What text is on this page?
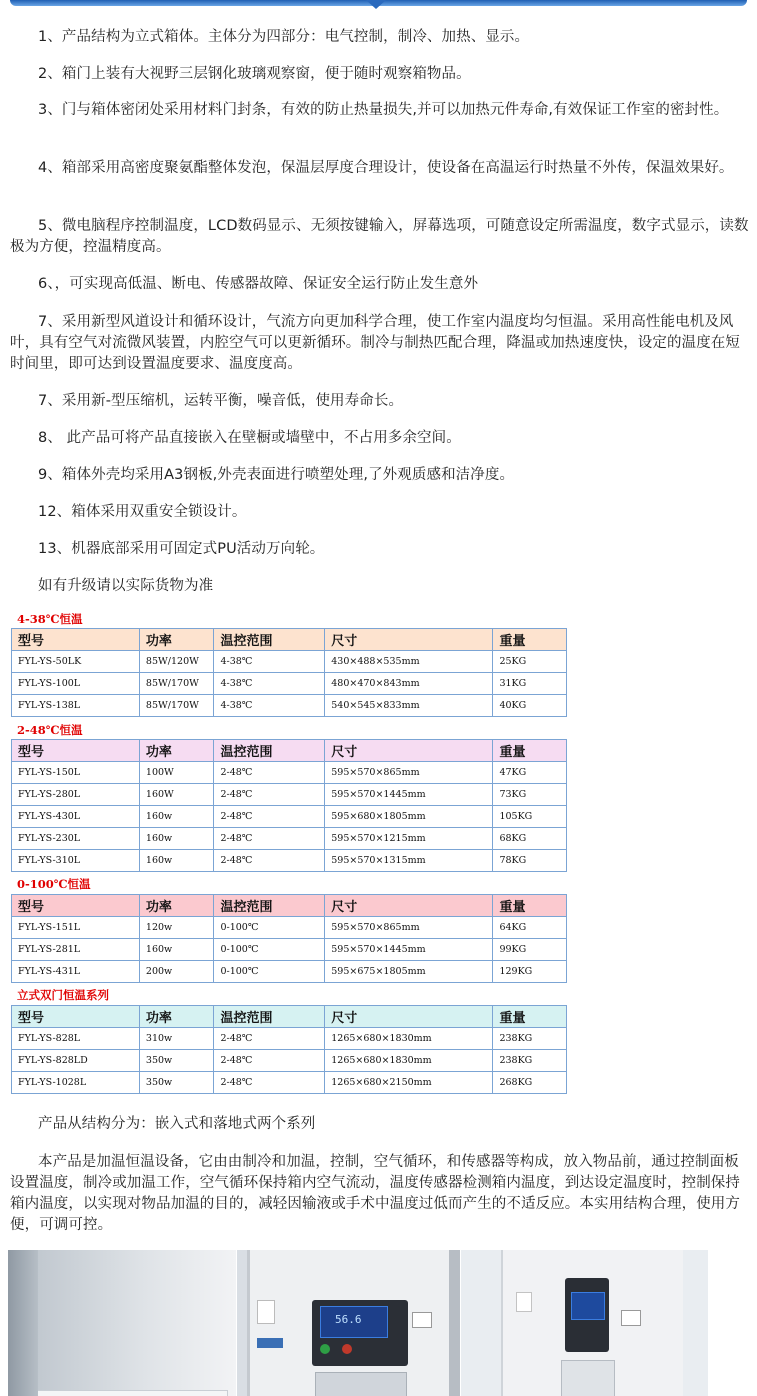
1、产品结构为立式箱体。主体分为四部分：电气控制，制冷、加热、显示。

2、箱门上装有大视野三层钢化玻璃观察窗，便于随时观察箱物品。

3、门与箱体密闭处采用材料门封条，有效的防止热量损失,并可以加热元件寿命,有效保证工作室的密封性。

4、箱部采用高密度聚氨酯整体发泡，保温层厚度合理设计，使设备在高温运行时热量不外传，保温效果好。

5、微电脑程序控制温度，LCD数码显示、无须按键输入，屏幕选项，可随意设定所需温度，数字式显示，读数极为方便，控温精度高。

6、，可实现高低温、断电、传感器故障、保证安全运行防止发生意外

7、采用新型风道设计和循环设计，气流方向更加科学合理，使工作室内温度均匀恒温。采用高性能电机及风叶，具有空气对流微风装置，内腔空气可以更新循环。制冷与制热匹配合理，降温或加热速度快，设定的温度在短时间里，即可达到设置温度要求、温度度高。

7、采用新-型压缩机，运转平衡，噪音低，使用寿命长。

8、 此产品可将产品直接嵌入在壁橱或墙壁中，不占用多余空间。

9、箱体外壳均采用A3钢板,外壳表面进行喷塑处理,了外观质感和洁净度。

12、箱体采用双重安全锁设计。

13、机器底部采用可固定式PU活动万向轮。

如有升级请以实际货物为准

4-38℃恒温
型号	功率	温控范围	尺寸	重量
FYL-YS-50LK	85W/120W	4-38℃	430×488×535mm	25KG
FYL-YS-100L	85W/170W	4-38℃	480×470×843mm	31KG
FYL-YS-138L	85W/170W	4-38℃	540×545×833mm	40KG
2-48℃恒温
型号	功率	温控范围	尺寸	重量
FYL-YS-150L	100W	2-48℃	595×570×865mm	47KG
FYL-YS-280L	160W	2-48℃	595×570×1445mm	73KG
FYL-YS-430L	160w	2-48℃	595×680×1805mm	105KG
FYL-YS-230L	160w	2-48℃	595×570×1215mm	68KG
FYL-YS-310L	160w	2-48℃	595×570×1315mm	78KG
0-100℃恒温
型号	功率	温控范围	尺寸	重量
FYL-YS-151L	120w	0-100℃	595×570×865mm	64KG
FYL-YS-281L	160w	0-100℃	595×570×1445mm	99KG
FYL-YS-431L	200w	0-100℃	595×675×1805mm	129KG
立式双门恒温系列
型号	功率	温控范围	尺寸	重量
FYL-YS-828L	310w	2-48℃	1265×680×1830mm	238KG
FYL-YS-828LD	350w	2-48℃	1265×680×1830mm	238KG
FYL-YS-1028L	350w	2-48℃	1265×680×2150mm	268KG

产品从结构分为：嵌入式和落地式两个系列

本产品是加温恒温设备，它由由制冷和加温，控制，空气循环，和传感器等构成，放入物品前，通过控制面板设置温度，制冷或加温工作，空气循环保持箱内空气流动，温度传感器检测箱内温度，到达设定温度时，控制保持箱内温度，以实现对物品加温的目的，减轻因输液或手术中温度过低而产生的不适反应。本实用结构合理，使用方便，可调可控。

56.6
